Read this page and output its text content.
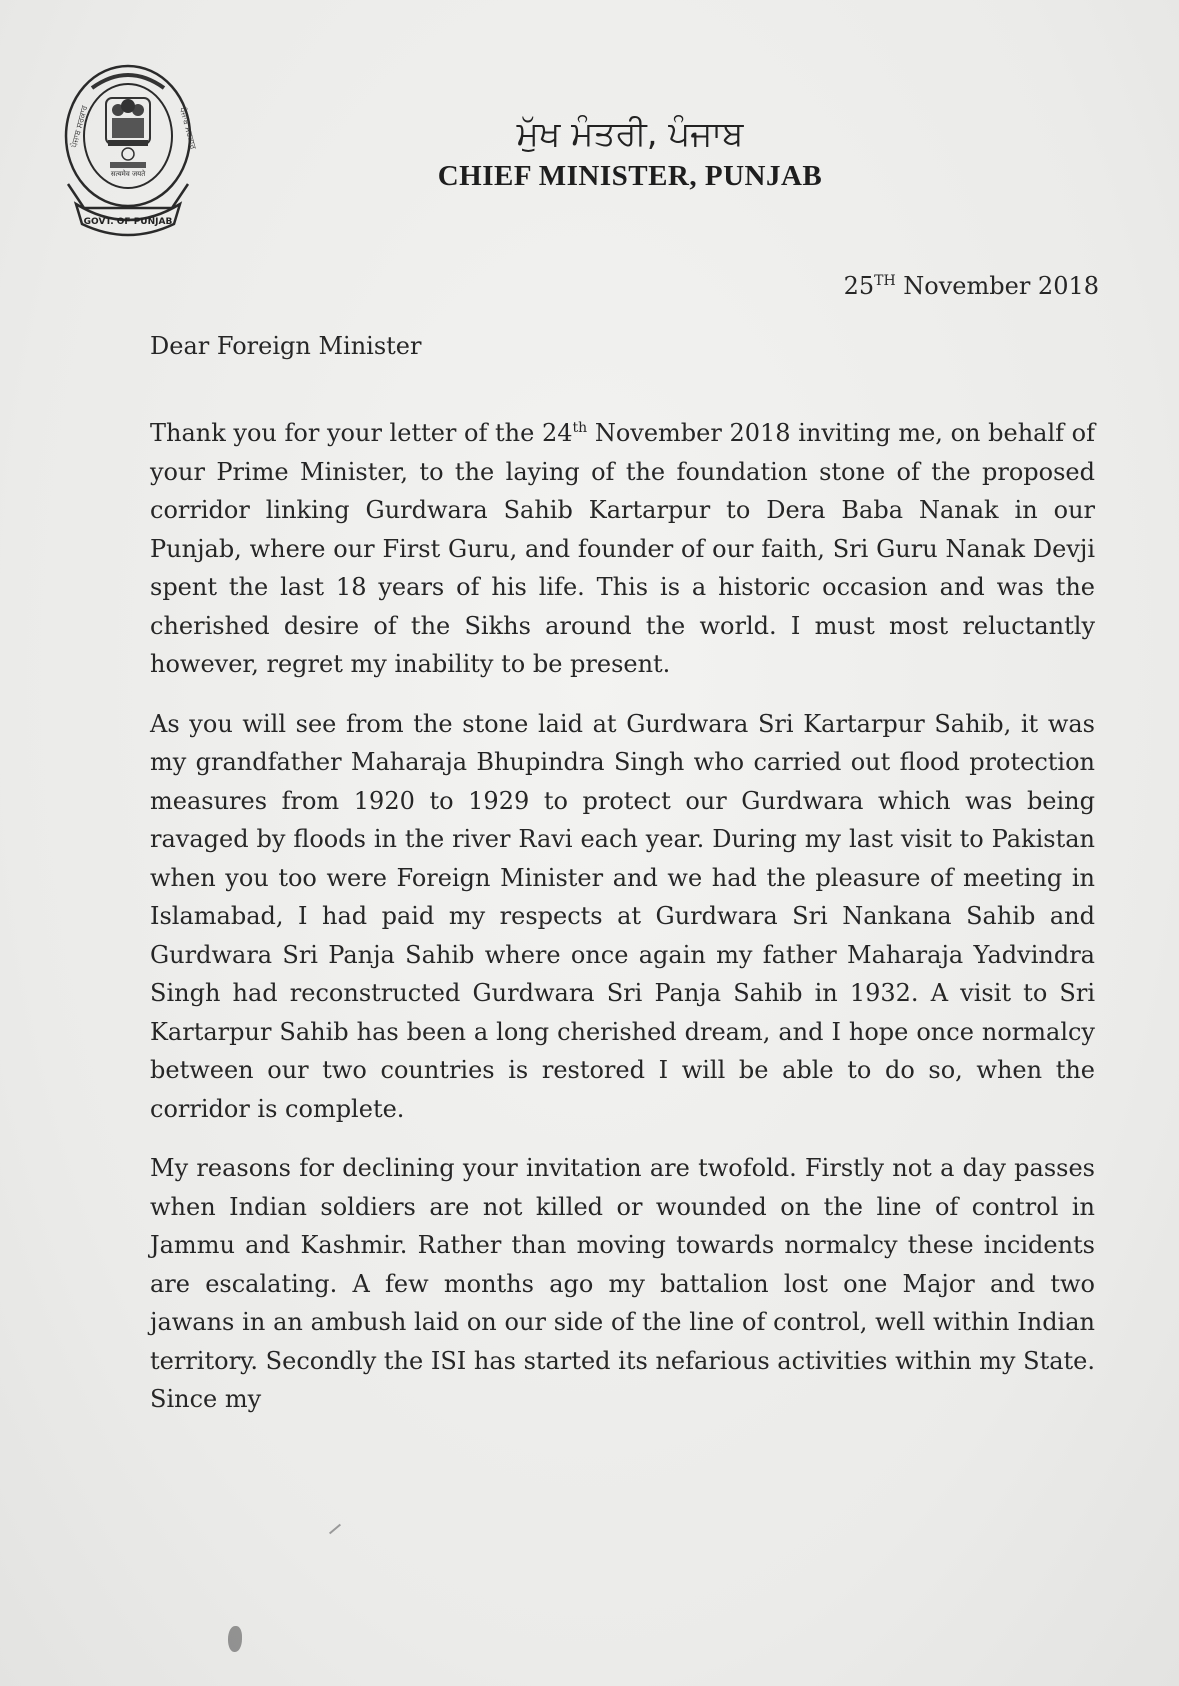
GOVT. OF PUNJAB
सत्यमेव जयते
ਪੰਜਾਬ ਸਰਕਾਰ	ਪੰਜਾਬ ਸਰਕਾਰ	ਮੁੱਖ ਮੰਤਰੀ, ਪੰਜਾਬ
CHIEF MINISTER, PUNJAB
25TH November 2018
Dear Foreign Minister

Thank you for your letter of the 24th November 2018 inviting me, on behalf of your Prime Minister, to the laying of the foundation stone of the proposed corridor linking Gurdwara Sahib Kartarpur to Dera Baba Nanak in our Punjab, where our First Guru, and founder of our faith, Sri Guru Nanak Devji spent the last 18 years of his life. This is a historic occasion and was the cherished desire of the Sikhs around the world. I must most reluctantly however, regret my inability to be present.

As you will see from the stone laid at Gurdwara Sri Kartarpur Sahib, it was my grandfather Maharaja Bhupindra Singh who carried out flood protection measures from 1920 to 1929 to protect our Gurdwara which was being ravaged by floods in the river Ravi each year. During my last visit to Pakistan when you too were Foreign Minister and we had the pleasure of meeting in Islamabad, I had paid my respects at Gurdwara Sri Nankana Sahib and Gurdwara Sri Panja Sahib where once again my father Maharaja Yadvindra Singh had reconstructed Gurdwara Sri Panja Sahib in 1932. A visit to Sri Kartarpur Sahib has been a long cherished dream, and I hope once normalcy between our two countries is restored I will be able to do so, when the corridor is complete.

My reasons for declining your invitation are twofold. Firstly not a day passes when Indian soldiers are not killed or wounded on the line of control in Jammu and Kashmir. Rather than moving towards normalcy these incidents are escalating. A few months ago my battalion lost one Major and two jawans in an ambush laid on our side of the line of control, well within Indian territory. Secondly the ISI has started its nefarious activities within my State. Since my
